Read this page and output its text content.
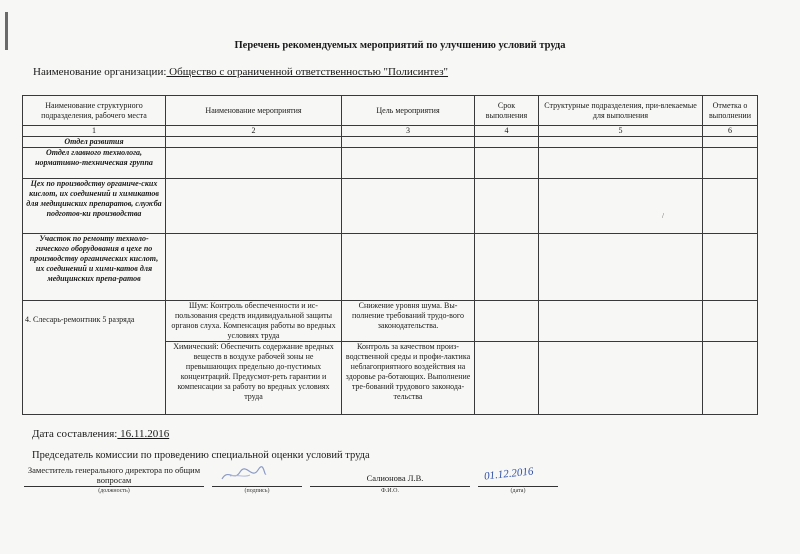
Перечень рекомендуемых мероприятий по улучшению условий труда
Наименование организации: Общество с ограниченной ответственностью "Полисинтез"
Наименование структурного подразделения, рабочего места	Наименование мероприятия	Цель мероприятия	Срок выполнения	Структурные подразделения, при-влекаемые для выполнения	Отметка о выполнении
1	2	3	4	5	6
Отдел развития					
Отдел главного технолога, нормативно-техническая группа					
Цех по производству органиче-ских кислот, их соединений и химикатов для медицинских препаратов, служба подготов-ки производства					
Участок по ремонту техноло-гического оборудования в цехе по производству органических кислот, их соединений и хими-катов для медицинских препа-ратов					
4. Слесарь-ремонтник 5 разряда	Шум: Контроль обеспеченности и ис-пользования средств индивидуальной защиты органов слуха. Компенсация работы во вредных условиях труда	Снижение уровня шума. Вы-полнение требований трудо-вого законодательства.			
	Химический: Обеспечить содержание вредных веществ в воздухе рабочей зоны не превышающих предельно до-пустимых концентраций. Предусмот-реть гарантии и компенсации за работу во вредных условиях труда	Контроль за качеством произ-водственной среды и профи-лактика неблагоприятного воздействия на здоровье ра-ботающих. Выполнение тре-бований трудового законода-тельства			
/
Дата составления: 16.11.2016
Председатель комиссии по проведению специальной оценки условий труда
Заместитель генерального директора по общим вопросам
(должность)	(подпись)
Салионова Л.В.
Ф.И.О.
01.12.2016
(дата)
